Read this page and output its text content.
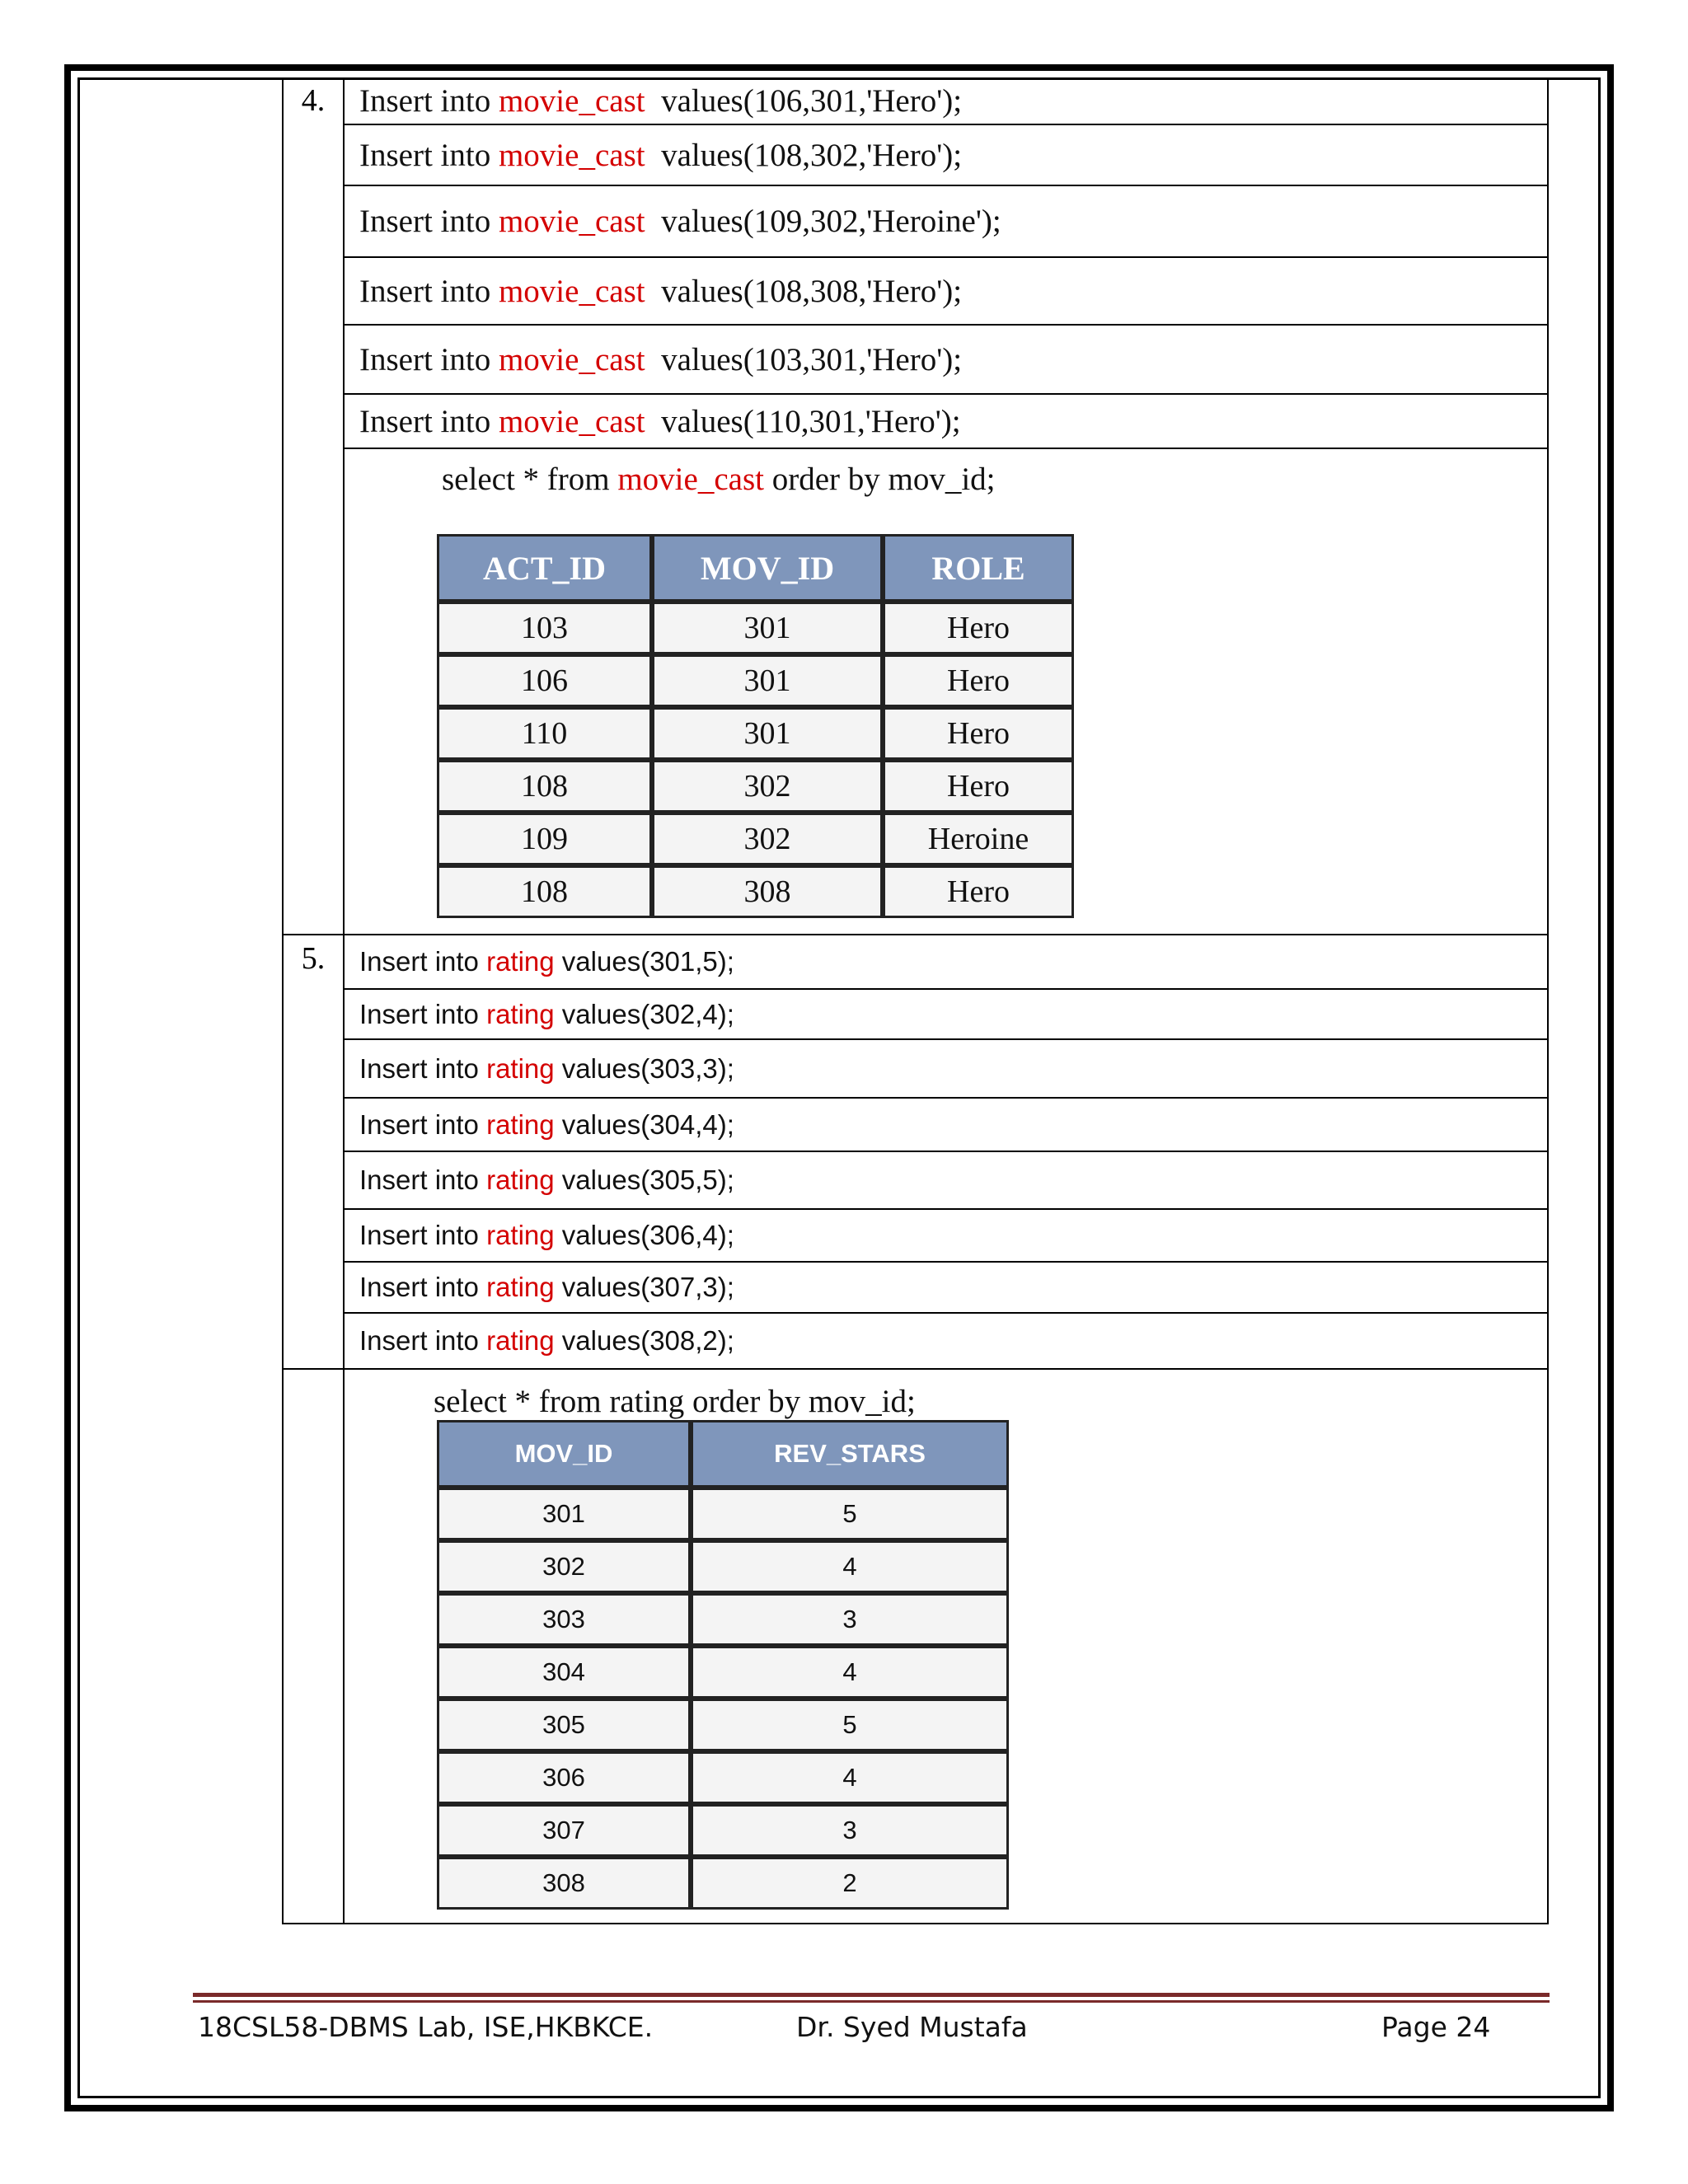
4.	Insert into movie_cast  values(106,301,'Hero');

Insert into movie_cast  values(108,302,'Hero');

Insert into movie_cast  values(109,302,'Heroine');

Insert into movie_cast  values(108,308,'Hero');

Insert into movie_cast  values(103,301,'Hero');

Insert into movie_cast  values(110,301,'Hero');

select * from movie_cast order by mov_id;
ACT_ID	MOV_ID	ROLE
103	301	Hero
106	301	Hero
110	301	Hero
108	302	Hero
109	302	Heroine
108	308	Hero

5.	Insert into rating values(301,5);

Insert into rating values(302,4);

Insert into rating values(303,3);

Insert into rating values(304,4);

Insert into rating values(305,5);

Insert into rating values(306,4);

Insert into rating values(307,3);

Insert into rating values(308,2);

select * from rating order by mov_id;
MOV_ID	REV_STARS
301	5
302	4
303	3
304	4
305	5
306	4
307	3
308	2
18CSL58-DBMS Lab, ISE,HKBKCE.	Dr. Syed Mustafa	Page 24
